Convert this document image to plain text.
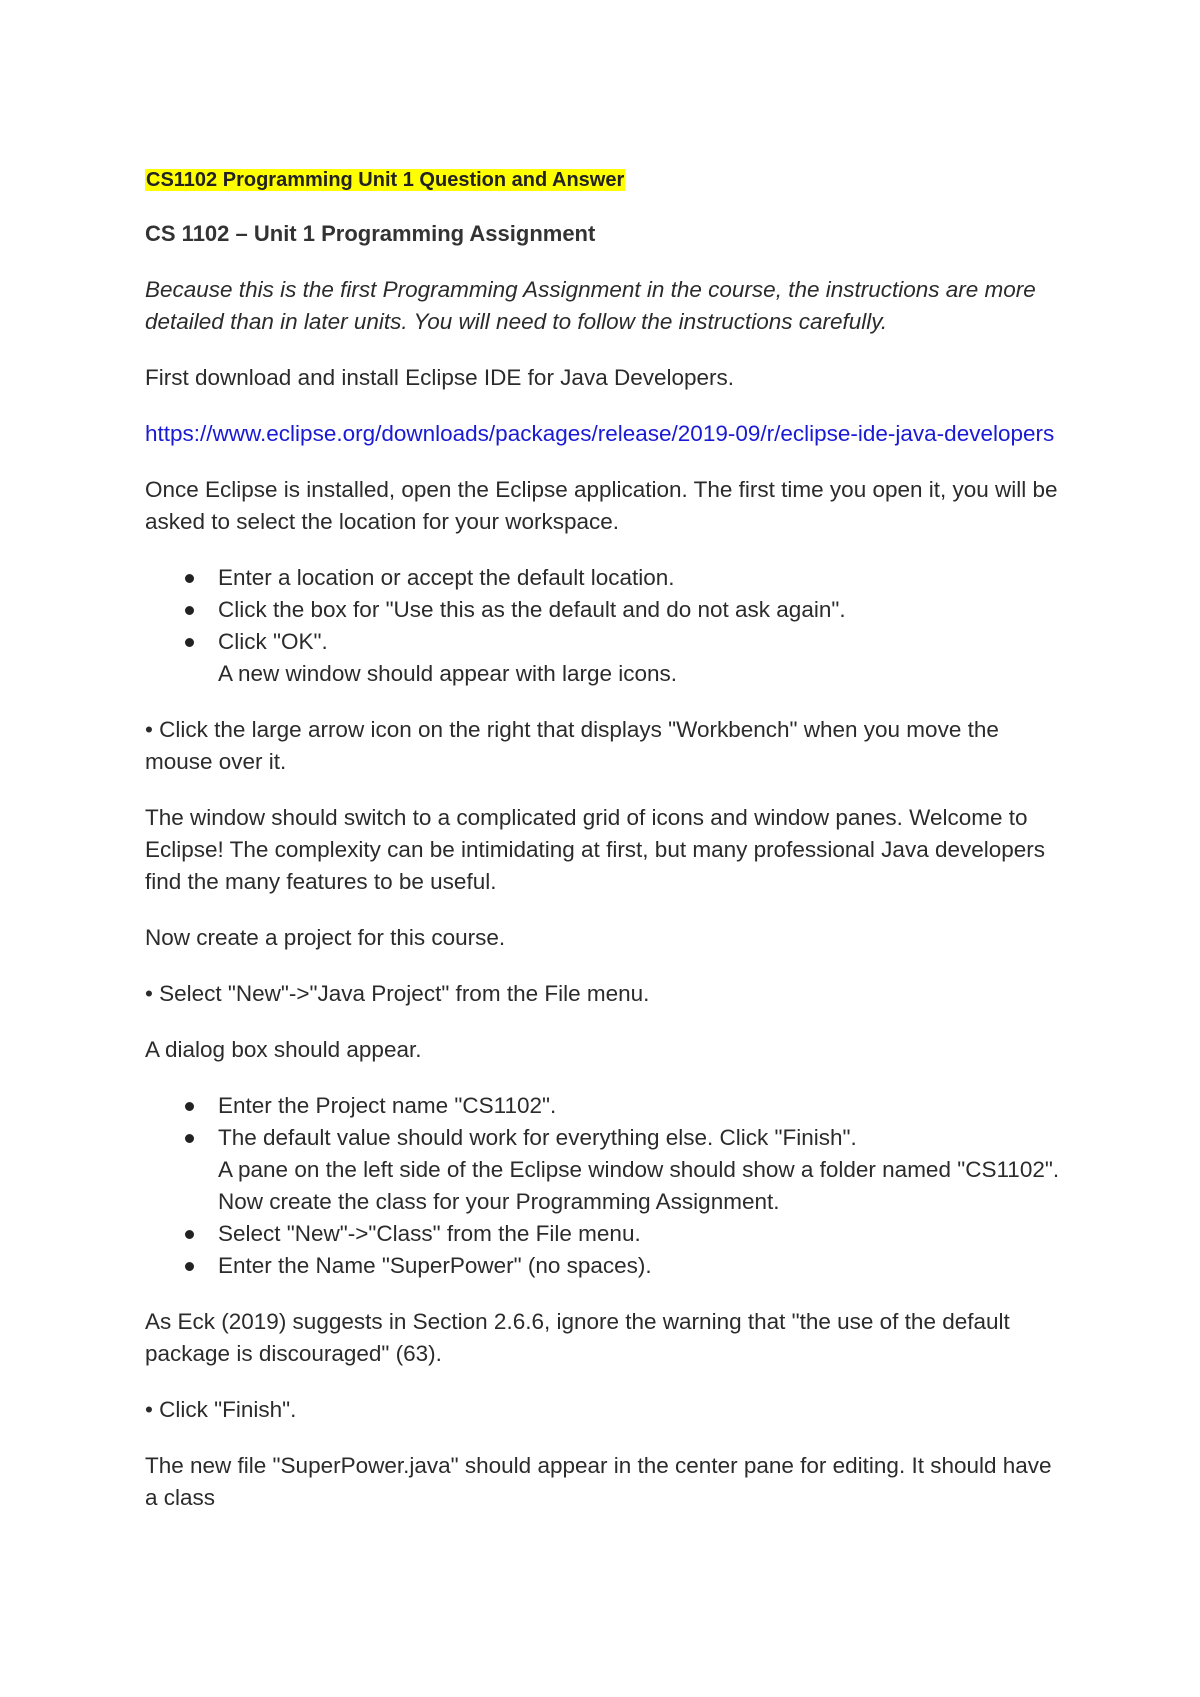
CS1102 Programming Unit 1 Question and Answer
CS 1102 – Unit 1 Programming Assignment

Because this is the first Programming Assignment in the course, the instructions are more detailed than in later units. You will need to follow the instructions carefully.

First download and install Eclipse IDE for Java Developers.

https://www.eclipse.org/downloads/packages/release/2019-09/r/eclipse-ide-java-developers

Once Eclipse is installed, open the Eclipse application. The first time you open it, you will be asked to select the location for your workspace.

Enter a location or accept the default location.
Click the box for "Use this as the default and do not ask again".
Click "OK".
A new window should appear with large icons.

• Click the large arrow icon on the right that displays "Workbench" when you move the mouse over it.

The window should switch to a complicated grid of icons and window panes. Welcome to Eclipse! The complexity can be intimidating at first, but many professional Java developers find the many features to be useful.

Now create a project for this course.

• Select "New"->"Java Project" from the File menu.

A dialog box should appear.

Enter the Project name "CS1102".
The default value should work for everything else. Click "Finish".
A pane on the left side of the Eclipse window should show a folder named "CS1102". Now create the class for your Programming Assignment.
Select "New"->"Class" from the File menu.
Enter the Name "SuperPower" (no spaces).

As Eck (2019) suggests in Section 2.6.6, ignore the warning that "the use of the default package is discouraged" (63).

• Click "Finish".

The new file "SuperPower.java" should appear in the center pane for editing. It should have a class
